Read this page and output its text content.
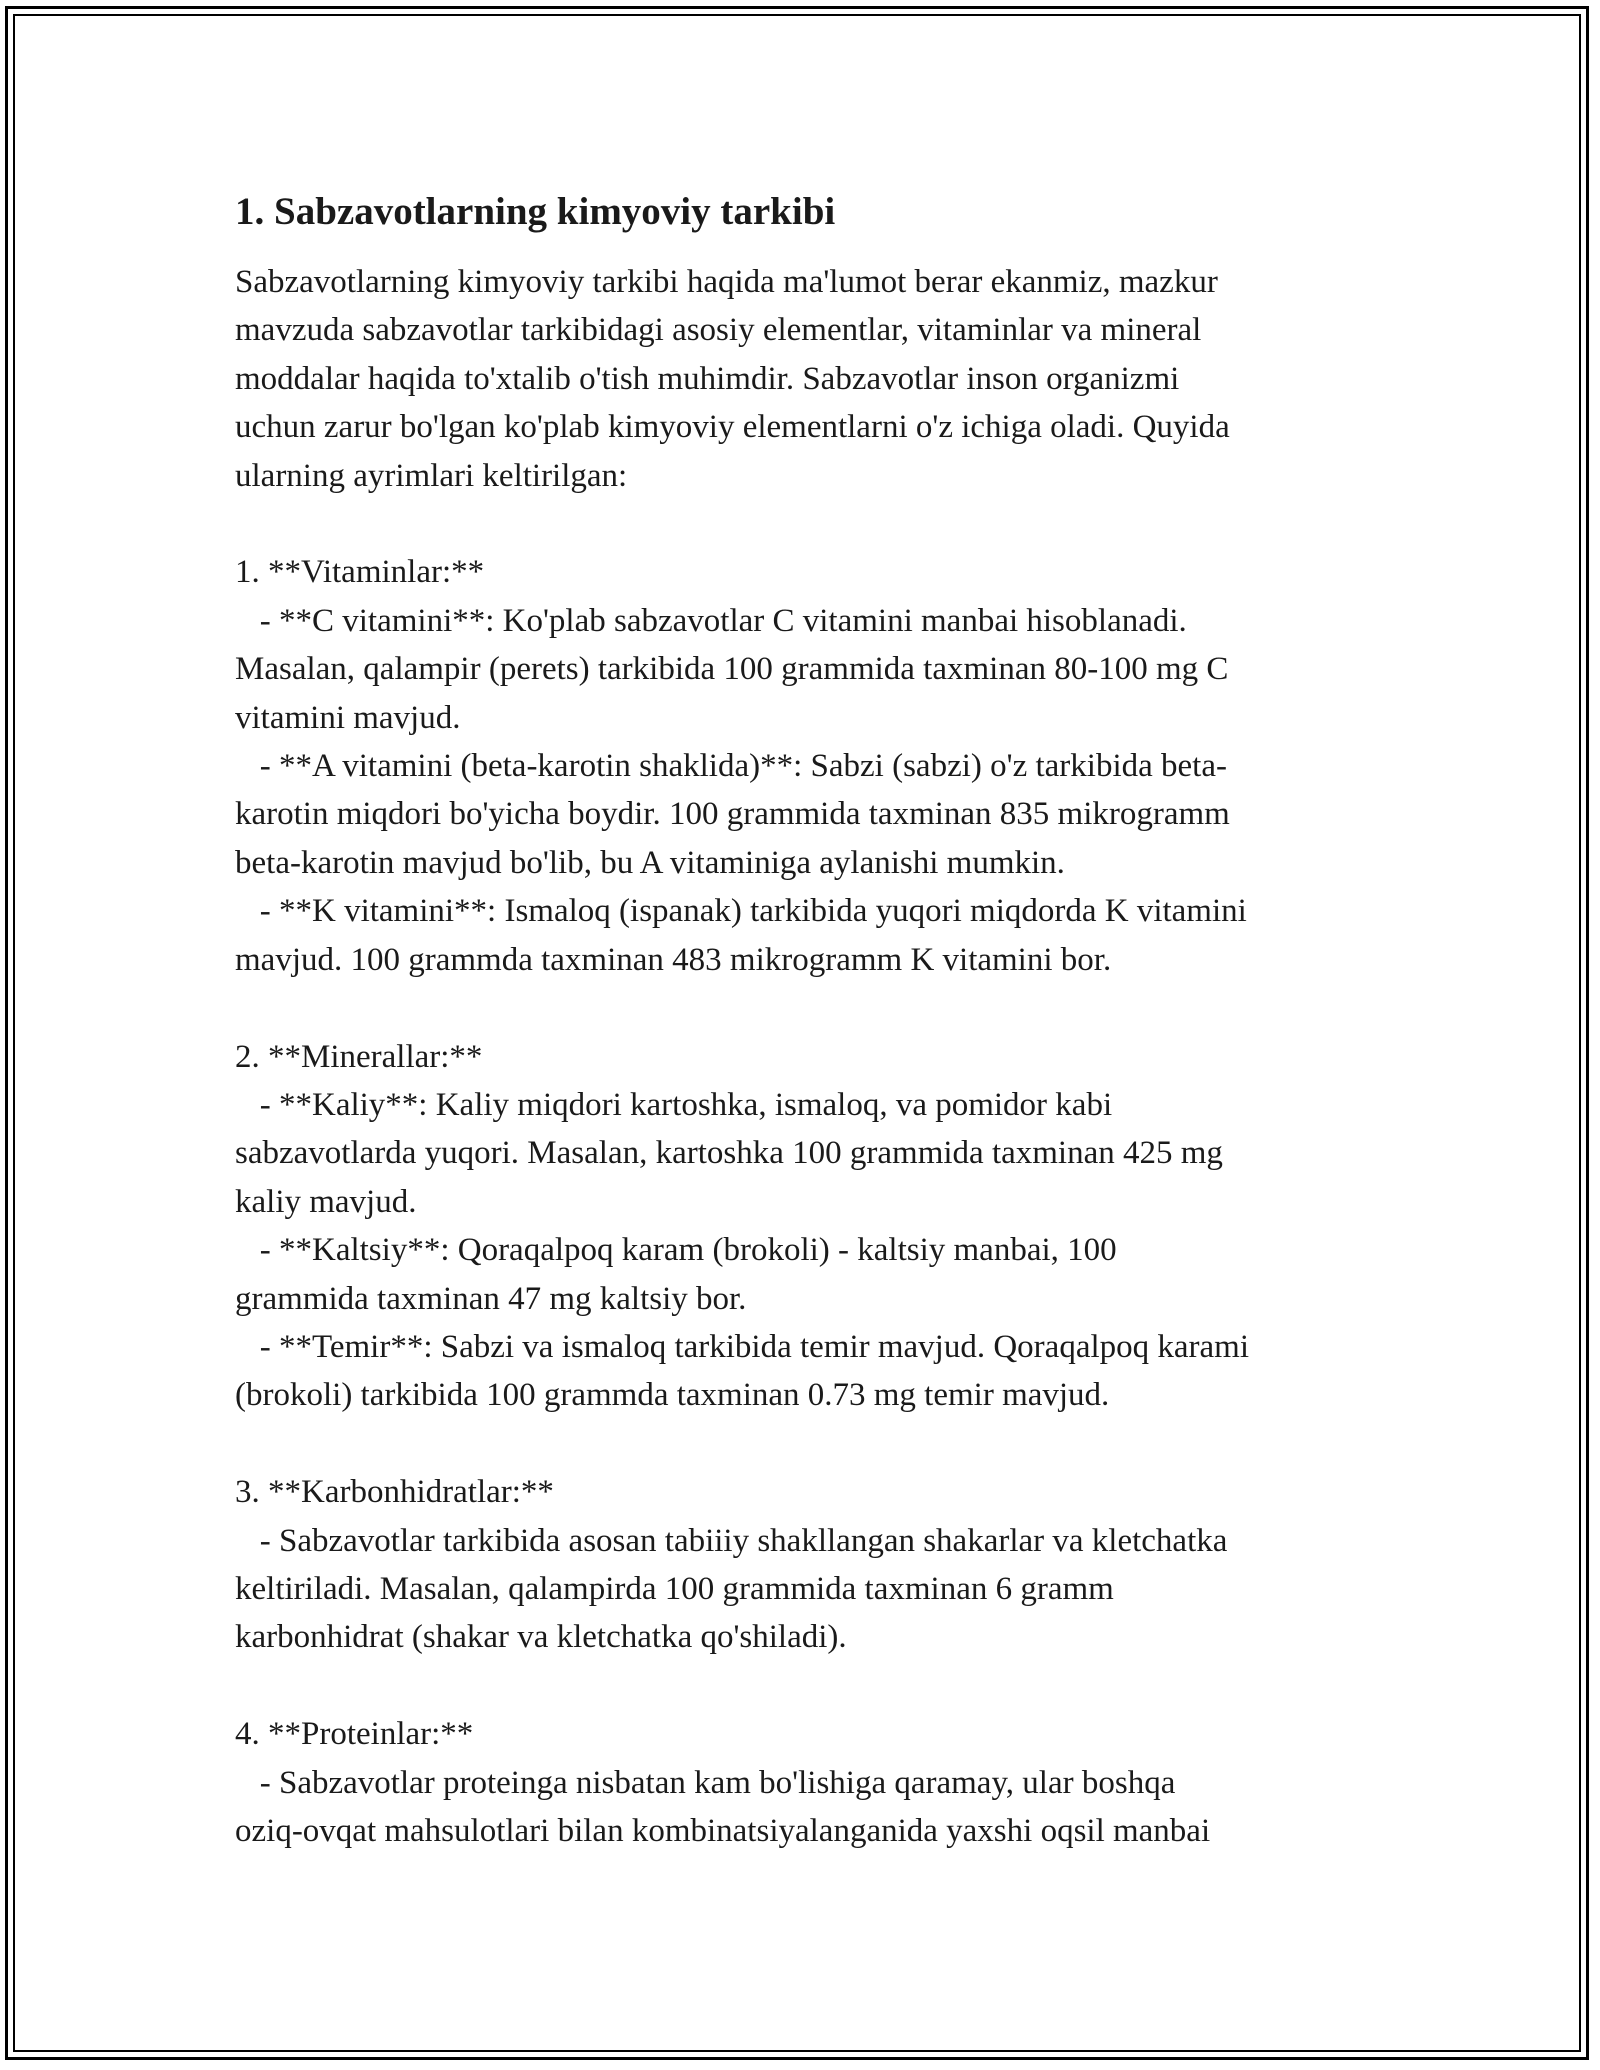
1. Sabzavotlarning kimyoviy tarkibi

Sabzavotlarning kimyoviy tarkibi haqida ma'lumot berar ekanmiz, mazkur
mavzuda sabzavotlar tarkibidagi asosiy elementlar, vitaminlar va mineral
moddalar haqida to'xtalib o'tish muhimdir. Sabzavotlar inson organizmi
uchun zarur bo'lgan ko'plab kimyoviy elementlarni o'z ichiga oladi. Quyida
ularning ayrimlari keltirilgan:

1. **Vitaminlar:**
- **C vitamini**: Ko'plab sabzavotlar C vitamini manbai hisoblanadi.
Masalan, qalampir (perets) tarkibida 100 grammida taxminan 80-100 mg C
vitamini mavjud.
- **A vitamini (beta-karotin shaklida)**: Sabzi (sabzi) o'z tarkibida beta-
karotin miqdori bo'yicha boydir. 100 grammida taxminan 835 mikrogramm
beta-karotin mavjud bo'lib, bu A vitaminiga aylanishi mumkin.
- **K vitamini**: Ismaloq (ispanak) tarkibida yuqori miqdorda K vitamini
mavjud. 100 grammda taxminan 483 mikrogramm K vitamini bor.

2. **Minerallar:**
- **Kaliy**: Kaliy miqdori kartoshka, ismaloq, va pomidor kabi
sabzavotlarda yuqori. Masalan, kartoshka 100 grammida taxminan 425 mg
kaliy mavjud.
- **Kaltsiy**: Qoraqalpoq karam (brokoli) - kaltsiy manbai, 100
grammida taxminan 47 mg kaltsiy bor.
- **Temir**: Sabzi va ismaloq tarkibida temir mavjud. Qoraqalpoq karami
(brokoli) tarkibida 100 grammda taxminan 0.73 mg temir mavjud.

3. **Karbonhidratlar:**
- Sabzavotlar tarkibida asosan tabiiiy shakllangan shakarlar va kletchatka
keltiriladi. Masalan, qalampirda 100 grammida taxminan 6 gramm
karbonhidrat (shakar va kletchatka qo'shiladi).

4. **Proteinlar:**
- Sabzavotlar proteinga nisbatan kam bo'lishiga qaramay, ular boshqa
oziq-ovqat mahsulotlari bilan kombinatsiyalanganida yaxshi oqsil manbai
